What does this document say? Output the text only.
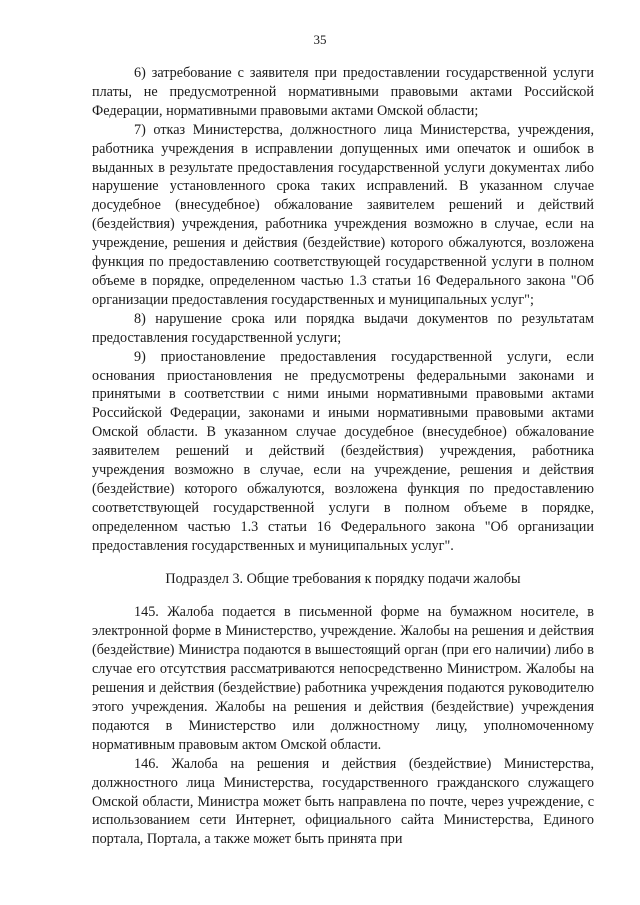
35

6) затребование с заявителя при предоставлении государственной услуги платы, не предусмотренной нормативными правовыми актами Российской Федерации, нормативными правовыми актами Омской области;

7) отказ Министерства, должностного лица Министерства, учреждения, работника учреждения в исправлении допущенных ими опечаток и ошибок в выданных в результате предоставления государственной услуги документах либо нарушение установленного срока таких исправлений. В указанном случае досудебное (внесудебное) обжалование заявителем решений и действий (бездействия) учреждения, работника учреждения возможно в случае, если на учреждение, решения и действия (бездействие) которого обжалуются, возложена функция по предоставлению соответствующей государственной услуги в полном объеме в порядке, определенном частью 1.3 статьи 16 Федерального закона "Об организации предоставления государственных и муниципальных услуг";

8) нарушение срока или порядка выдачи документов по результатам предоставления государственной услуги;

9) приостановление предоставления государственной услуги, если основания приостановления не предусмотрены федеральными законами и принятыми в соответствии с ними иными нормативными правовыми актами Российской Федерации, законами и иными нормативными правовыми актами Омской области. В указанном случае досудебное (внесудебное) обжалование заявителем решений и действий (бездействия) учреждения, работника учреждения возможно в случае, если на учреждение, решения и действия (бездействие) которого обжалуются, возложена функция по предоставлению соответствующей государственной услуги в полном объеме в порядке, определенном частью 1.3 статьи 16 Федерального закона "Об организации предоставления государственных и муниципальных услуг".

Подраздел 3. Общие требования к порядку подачи жалобы

145. Жалоба подается в письменной форме на бумажном носителе, в электронной форме в Министерство, учреждение. Жалобы на решения и действия (бездействие) Министра подаются в вышестоящий орган (при его наличии) либо в случае его отсутствия рассматриваются непосредственно Министром. Жалобы на решения и действия (бездействие) работника учреждения подаются руководителю этого учреждения. Жалобы на решения и действия (бездействие) учреждения подаются в Министерство или должностному лицу, уполномоченному нормативным правовым актом Омской области.

146. Жалоба на решения и действия (бездействие) Министерства, должностного лица Министерства, государственного гражданского служащего Омской области, Министра может быть направлена по почте, через учреждение, с использованием сети Интернет, официального сайта Министерства, Единого портала, Портала, а также может быть принята при
